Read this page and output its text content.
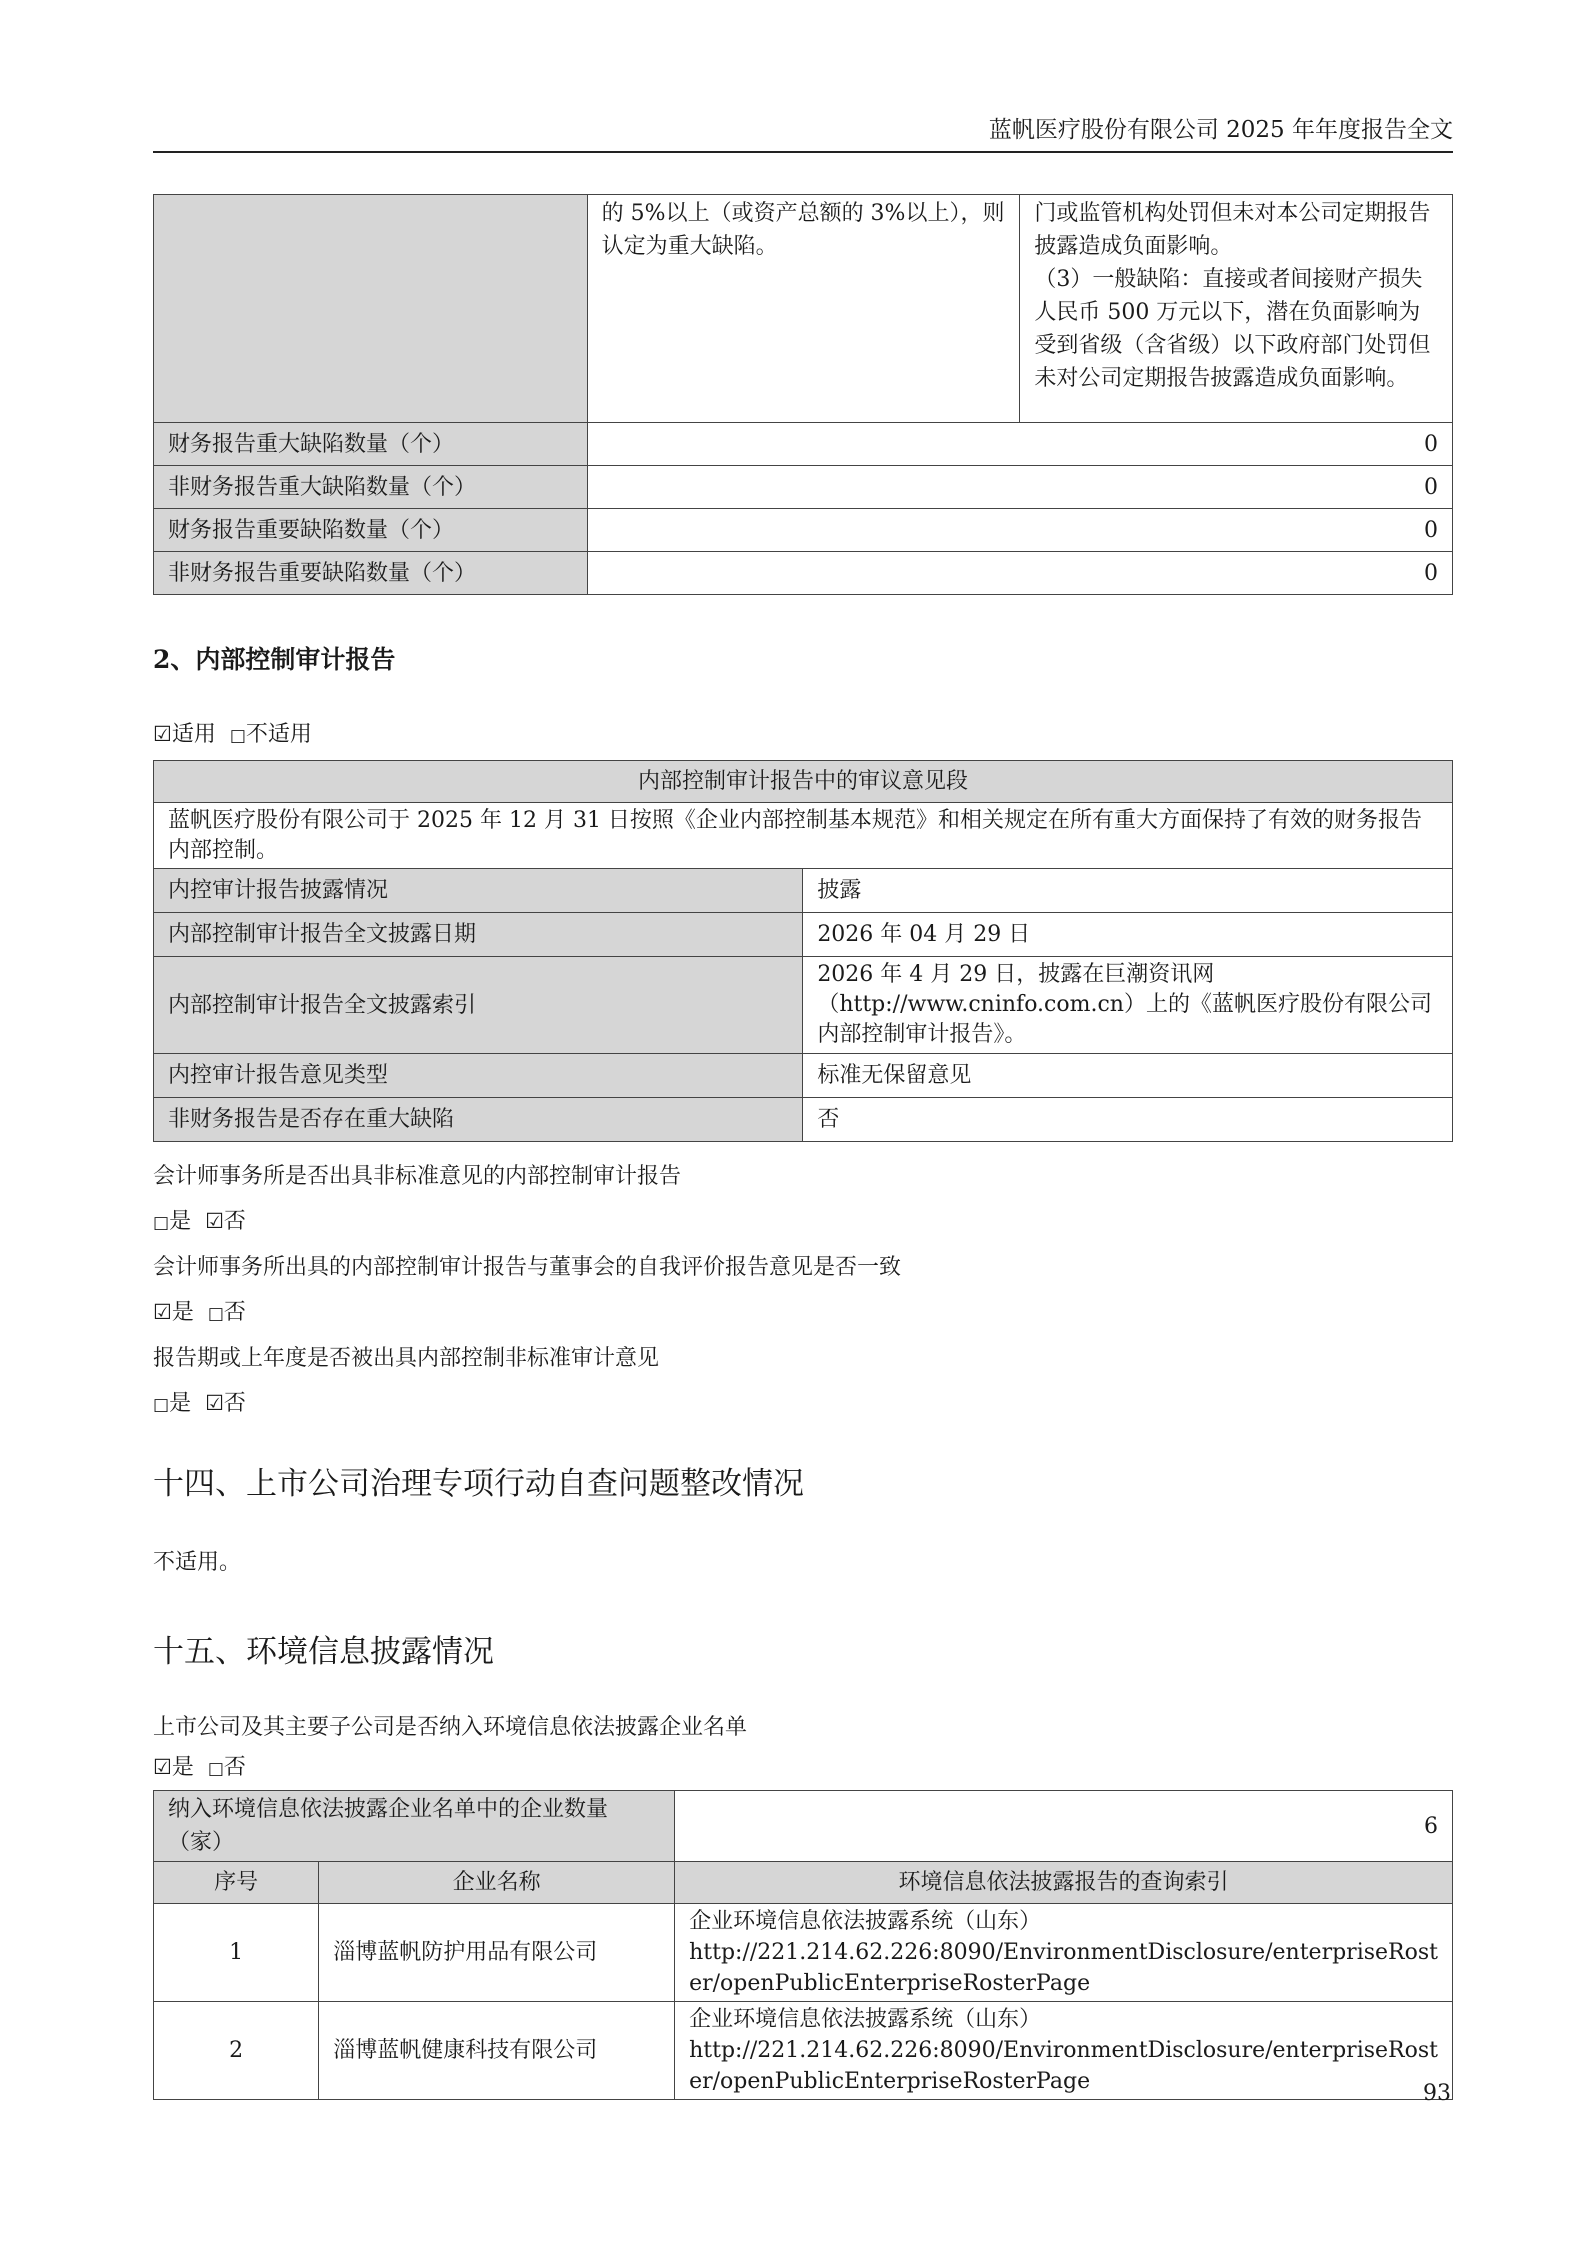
蓝帆医疗股份有限公司 2025 年年度报告全文
	的 5%以上（或资产总额的 3%以上），则认定为重大缺陷。	门或监管机构处罚但未对本公司定期报告披露造成负面影响。
（3）一般缺陷：直接或者间接财产损失人民币 500 万元以下，潜在负面影响为受到省级（含省级）以下政府部门处罚但未对公司定期报告披露造成负面影响。

财务报告重大缺陷数量（个）	0	
非财务报告重大缺陷数量（个）	0	
财务报告重要缺陷数量（个）	0	
非财务报告重要缺陷数量（个）	0	
2、内部控制审计报告
☑适用 □不适用
内部控制审计报告中的审议意见段	
蓝帆医疗股份有限公司于 2025 年 12 月 31 日按照《企业内部控制基本规范》和相关规定在所有重大方面保持了有效的财务报告内部控制。	
内控审计报告披露情况	披露
内部控制审计报告全文披露日期	2026 年 04 月 29 日
内部控制审计报告全文披露索引	2026 年 4 月 29 日，披露在巨潮资讯网（http://www.cninfo.com.cn）上的《蓝帆医疗股份有限公司内部控制审计报告》。
内控审计报告意见类型	标准无保留意见
非财务报告是否存在重大缺陷	否
会计师事务所是否出具非标准意见的内部控制审计报告
□是 ☑否
会计师事务所出具的内部控制审计报告与董事会的自我评价报告意见是否一致
☑是 □否
报告期或上年度是否被出具内部控制非标准审计意见
□是 ☑否
十四、上市公司治理专项行动自查问题整改情况
不适用。
十五、环境信息披露情况
上市公司及其主要子公司是否纳入环境信息依法披露企业名单
☑是 □否
纳入环境信息依法披露企业名单中的企业数量（家）		6
序号	企业名称	环境信息依法披露报告的查询索引
1	淄博蓝帆防护用品有限公司	企业环境信息依法披露系统（山东）
http://221.214.62.226:8090/EnvironmentDisclosure/enterpriseRost
er/openPublicEnterpriseRosterPage

2	淄博蓝帆健康科技有限公司	企业环境信息依法披露系统（山东）
http://221.214.62.226:8090/EnvironmentDisclosure/enterpriseRost
er/openPublicEnterpriseRosterPage	93
